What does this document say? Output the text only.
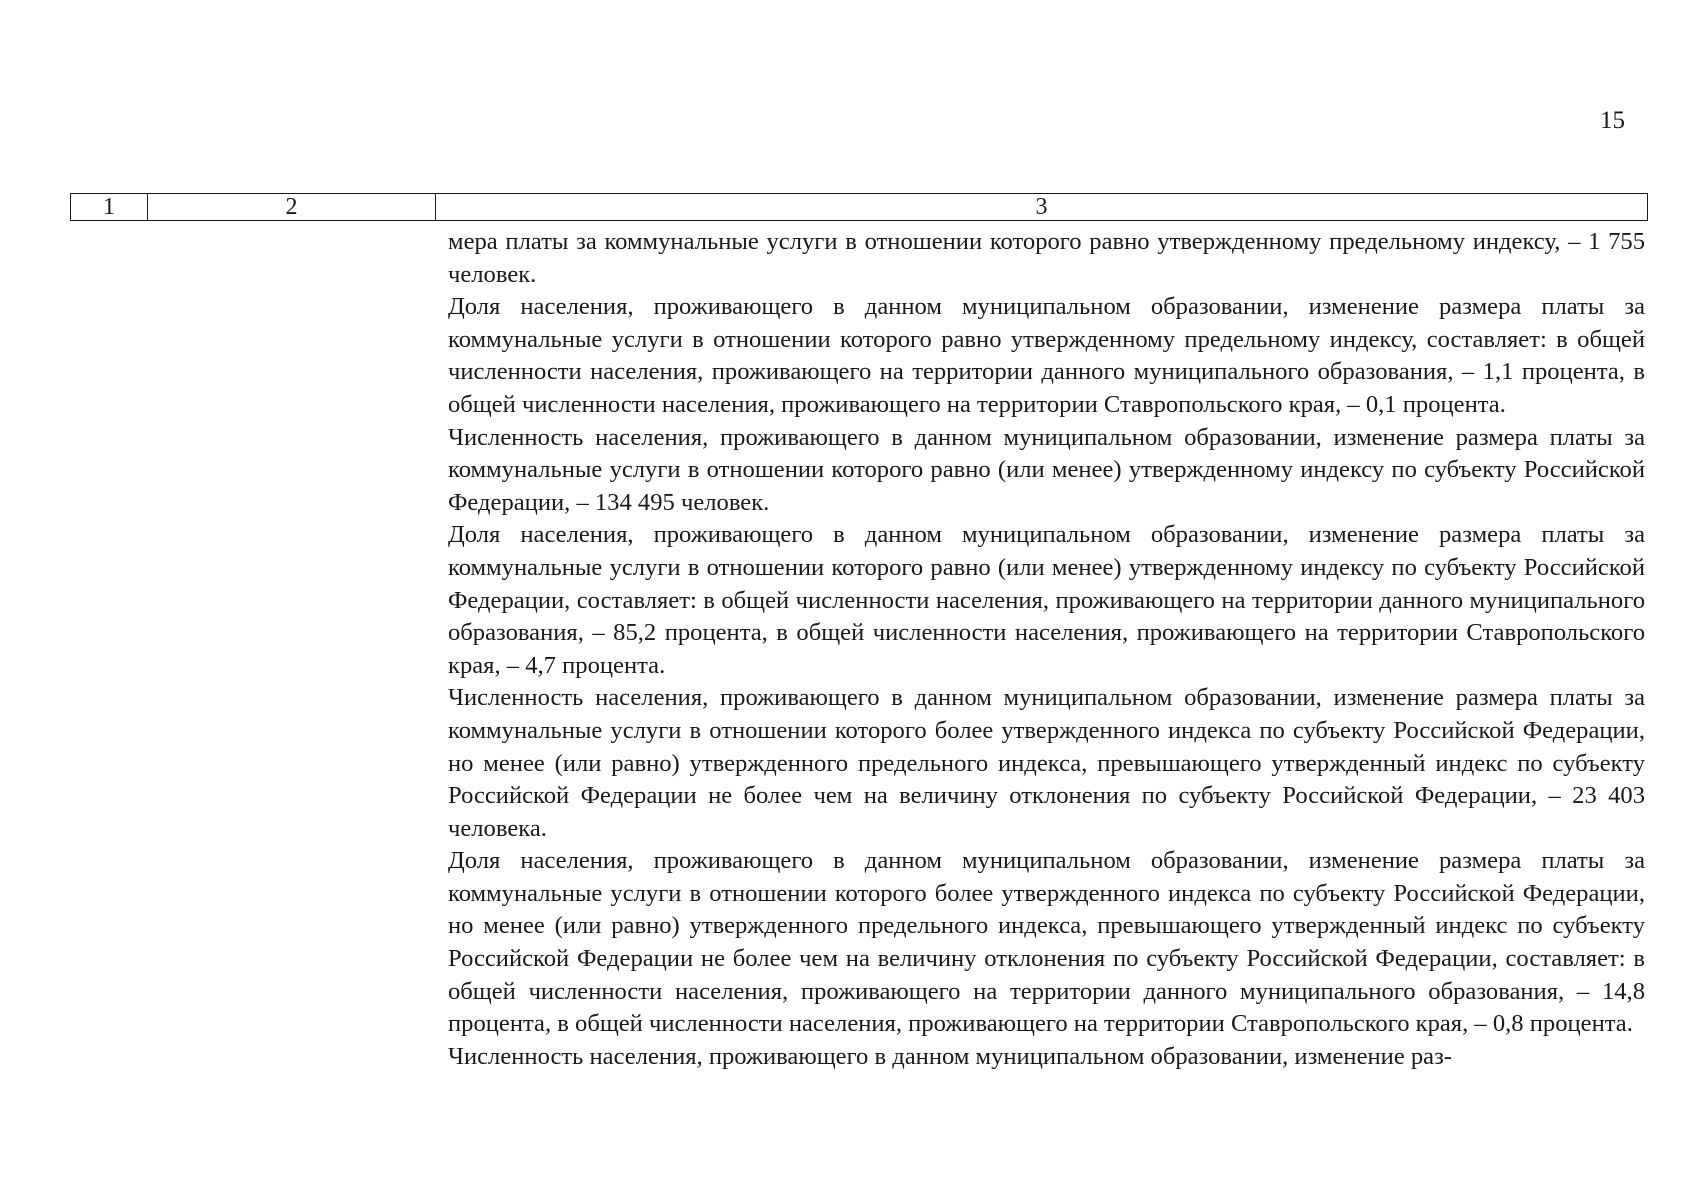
15
1	2	3

мера платы за коммунальные услуги в отношении которого равно утвержденному предельному индексу, – 1 755 человек.

Доля населения, проживающего в данном муниципальном образовании, изменение размера платы за коммунальные услуги в отношении которого равно утвержденному предельному индексу, составляет: в общей численности населения, проживающего на территории данного муниципального образования, – 1,1 процента, в общей численности населения, проживающего на территории Ставропольского края, – 0,1 процента.

Численность населения, проживающего в данном муниципальном образовании, изменение размера платы за коммунальные услуги в отношении которого равно (или менее) утвержденному индексу по субъекту Российской Федерации, – 134 495 человек.

Доля населения, проживающего в данном муниципальном образовании, изменение размера платы за коммунальные услуги в отношении которого равно (или менее) утвержденному индексу по субъекту Российской Федерации, составляет: в общей численности населения, проживающего на территории данного муниципального образования, – 85,2 процента, в общей численности населения, проживающего на территории Ставропольского края, – 4,7 процента.

Численность населения, проживающего в данном муниципальном образовании, изменение размера платы за коммунальные услуги в отношении которого более утвержденного индекса по субъекту Российской Федерации, но менее (или равно) утвержденного предельного индекса, превышающего утвержденный индекс по субъекту Российской Федерации не более чем на величину отклонения по субъекту Российской Федерации, – 23 403 человека.

Доля населения, проживающего в данном муниципальном образовании, изменение размера платы за коммунальные услуги в отношении которого более утвержденного индекса по субъекту Российской Федерации, но менее (или равно) утвержденного предельного индекса, превышающего утвержденный индекс по субъекту Российской Федерации не более чем на величину отклонения по субъекту Российской Федерации, составляет: в общей численности населения, проживающего на территории данного муниципального образования, – 14,8 процента, в общей численности населения, проживающего на территории Ставропольского края, – 0,8 процента.

Численность населения, проживающего в данном муниципальном образовании, изменение раз-
